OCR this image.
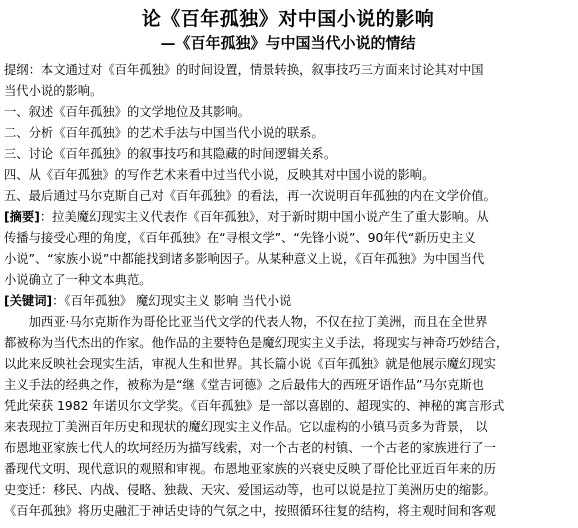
论《百年孤独》对中国小说的影响
—《百年孤独》与中国当代小说的情结

提纲：本文通过对《百年孤独》的时间设置，情景转换，叙事技巧三方面来讨论其对中国

当代小说的影响。

一、叙述《百年孤独》的文学地位及其影响。

二、分析《百年孤独》的艺术手法与中国当代小说的联系。

三、讨论《百年孤独》的叙事技巧和其隐藏的时间逻辑关系。

四、从《百年孤独》的写作艺术来看中过当代小说，反映其对中国小说的影响。

五、最后通过马尔克斯自己对《百年孤独》的看法，再一次说明百年孤独的内在文学价值。

[摘要]：拉美魔幻现实主义代表作《百年孤独》，对于新时期中国小说产生了重大影响。从

传播与接受心理的角度，《百年孤独》在“寻根文学”、“先锋小说”、90年代“新历史主义

小说”、“家族小说”中都能找到诸多影响因子。从某种意义上说，《百年孤独》为中国当代

小说确立了一种文本典范。

[关键词]：《百年孤独》 魔幻现实主义 影响 当代小说

加西亚·马尔克斯作为哥伦比亚当代文学的代表人物，不仅在拉丁美洲，而且在全世界

都被称为当代杰出的作家。他作品的主要特色是魔幻现实主义手法，将现实与神奇巧妙结合，

以此来反映社会现实生活，审视人生和世界。其长篇小说《百年孤独》就是他展示魔幻现实

主义手法的经典之作，被称为是“继《堂吉诃德》之后最伟大的西班牙语作品”马尔克斯也

凭此荣获 1982 年诺贝尔文学奖。《百年孤独》是一部以喜剧的、超现实的、神秘的寓言形式

来表现拉丁美洲百年历史和现状的魔幻现实主义作品。它以虚构的小镇马贡多为背景， 以

布恩地亚家族七代人的坎坷经历为描写线索，对一个古老的村镇、一个古老的家族进行了一

番现代文明、现代意识的观照和审视。布恩地亚家族的兴衰史反映了哥伦比亚近百年来的历

史变迁：移民、内战、侵略、独裁、天灾、爱国运动等，也可以说是拉丁美洲历史的缩影。

《百年孤独》将历史融汇于神话史诗的气氛之中，按照循环往复的结构，将主观时间和客观
